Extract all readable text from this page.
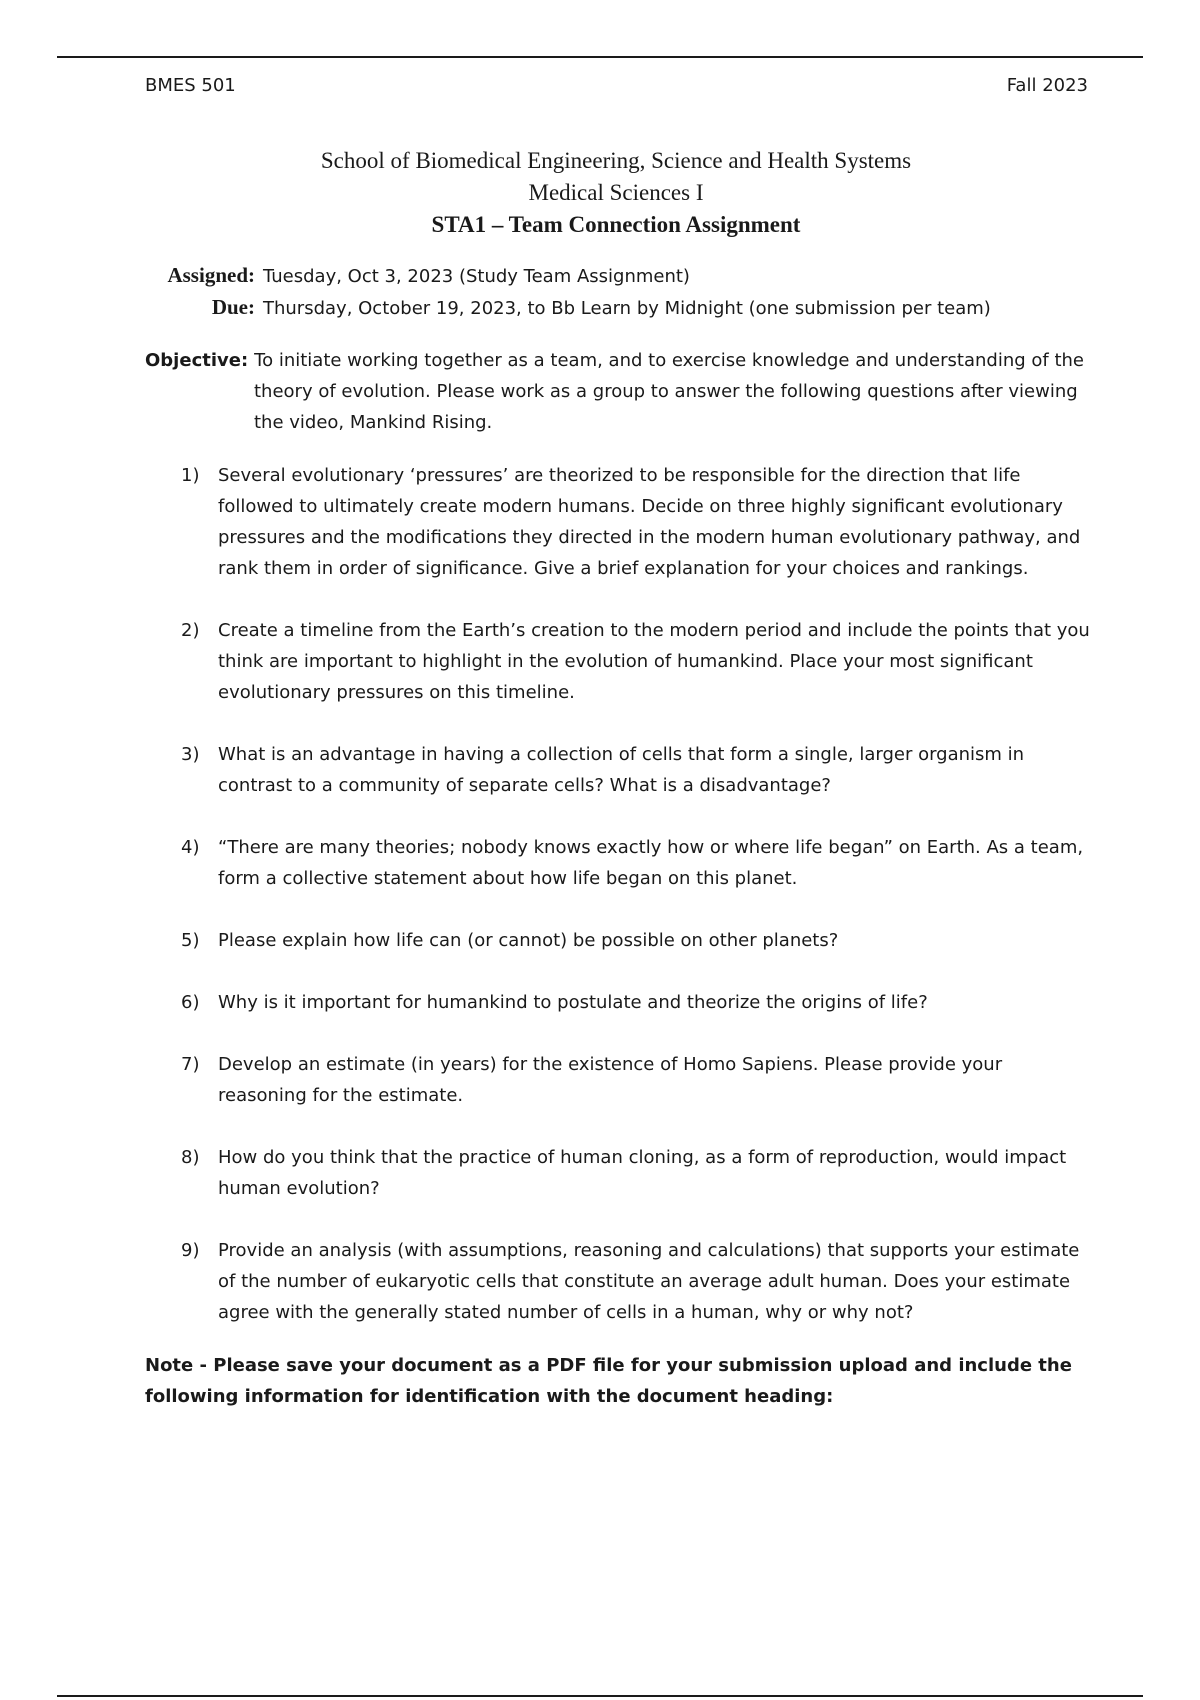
BMES 501	Fall 2023
School of Biomedical Engineering, Science and Health Systems
Medical Sciences I
STA1 – Team Connection Assignment
Assigned: Tuesday, Oct 3, 2023 (Study Team Assignment)
Due: Thursday, October 19, 2023, to Bb Learn by Midnight (one submission per team)
Objective: To initiate working together as a team, and to exercise knowledge and understanding of the
theory of evolution. Please work as a group to answer the following questions after viewing the video, Mankind Rising.
1) Several evolutionary ‘pressures’ are theorized to be responsible for the direction that life followed to ultimately create modern humans. Decide on three highly significant evolutionary pressures and the modifications they directed in the modern human evolutionary pathway, and rank them in order of significance. Give a brief explanation for your choices and rankings.
2) Create a timeline from the Earth’s creation to the modern period and include the points that you think are important to highlight in the evolution of humankind. Place your most significant evolutionary pressures on this timeline.
3) What is an advantage in having a collection of cells that form a single, larger organism in contrast to a community of separate cells? What is a disadvantage?
4) “There are many theories; nobody knows exactly how or where life began” on Earth. As a team, form a collective statement about how life began on this planet.
5) Please explain how life can (or cannot) be possible on other planets?
6) Why is it important for humankind to postulate and theorize the origins of life?
7) Develop an estimate (in years) for the existence of Homo Sapiens. Please provide your reasoning for the estimate.
8) How do you think that the practice of human cloning, as a form of reproduction, would impact human evolution?
9) Provide an analysis (with assumptions, reasoning and calculations) that supports your estimate of the number of eukaryotic cells that constitute an average adult human. Does your estimate agree with the generally stated number of cells in a human, why or why not?
Note - Please save your document as a PDF file for your submission upload and include the following information for identification with the document heading:
